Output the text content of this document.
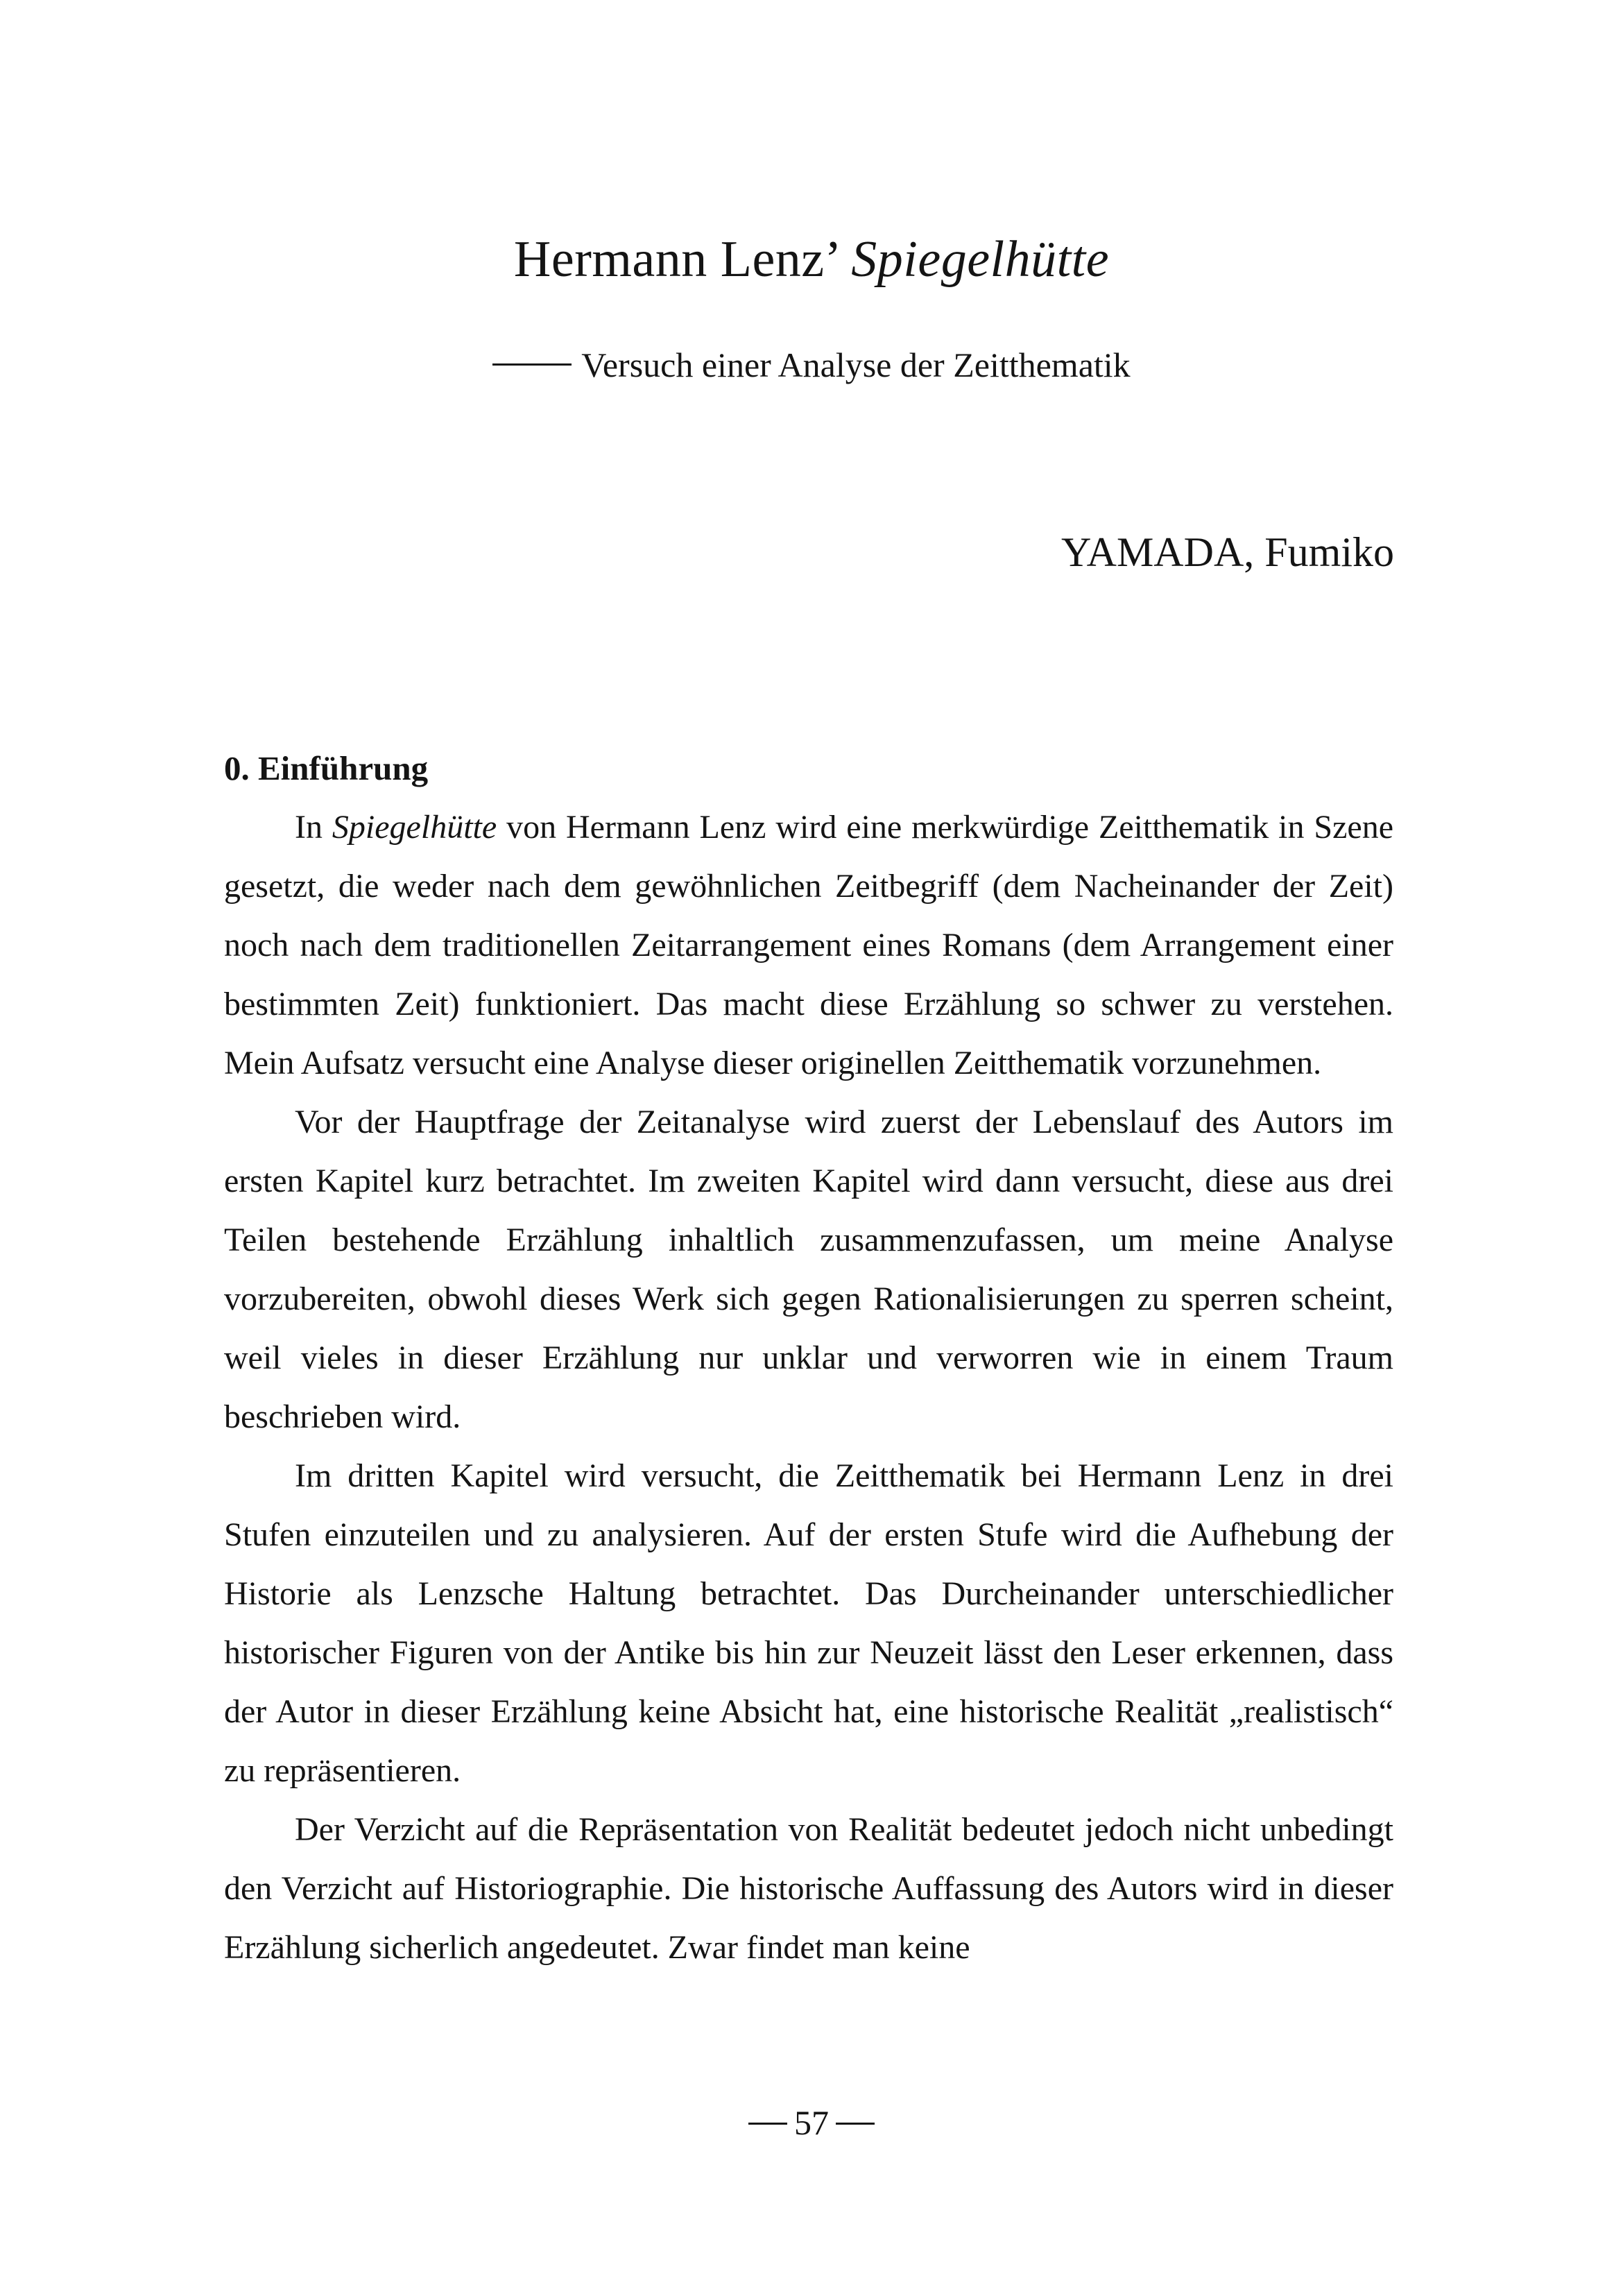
Hermann Lenz’ Spiegelhütte
Versuch einer Analyse der Zeitthematik
YAMADA, Fumiko

0. Einführung

In Spiegelhütte von Hermann Lenz wird eine merkwürdige Zeitthematik in Szene gesetzt, die weder nach dem gewöhnlichen Zeitbegriff (dem Nacheinander der Zeit) noch nach dem traditionellen Zeitarrangement eines Romans (dem Arrangement einer bestimmten Zeit) funktioniert. Das macht diese Erzählung so schwer zu verstehen. Mein Aufsatz versucht eine Analyse dieser originellen Zeitthematik vorzunehmen.

Vor der Hauptfrage der Zeitanalyse wird zuerst der Lebenslauf des Autors im ersten Kapitel kurz betrachtet. Im zweiten Kapitel wird dann versucht, diese aus drei Teilen bestehende Erzählung inhaltlich zusammenzufassen, um meine Analyse vorzubereiten, obwohl dieses Werk sich gegen Rationalisierungen zu sperren scheint, weil vieles in dieser Erzählung nur unklar und verworren wie in einem Traum beschrieben wird.

Im dritten Kapitel wird versucht, die Zeitthematik bei Hermann Lenz in drei Stufen einzuteilen und zu analysieren. Auf der ersten Stufe wird die Aufhebung der Historie als Lenzsche Haltung betrachtet. Das Durcheinander unterschiedlicher historischer Figuren von der Antike bis hin zur Neuzeit lässt den Leser erkennen, dass der Autor in dieser Erzählung keine Absicht hat, eine historische Realität „realistisch“ zu repräsentieren.

Der Verzicht auf die Repräsentation von Realität bedeutet jedoch nicht unbedingt den Verzicht auf Historiographie. Die historische Auffassung des Autors wird in dieser Erzählung sicherlich angedeutet. Zwar findet man keine

57
